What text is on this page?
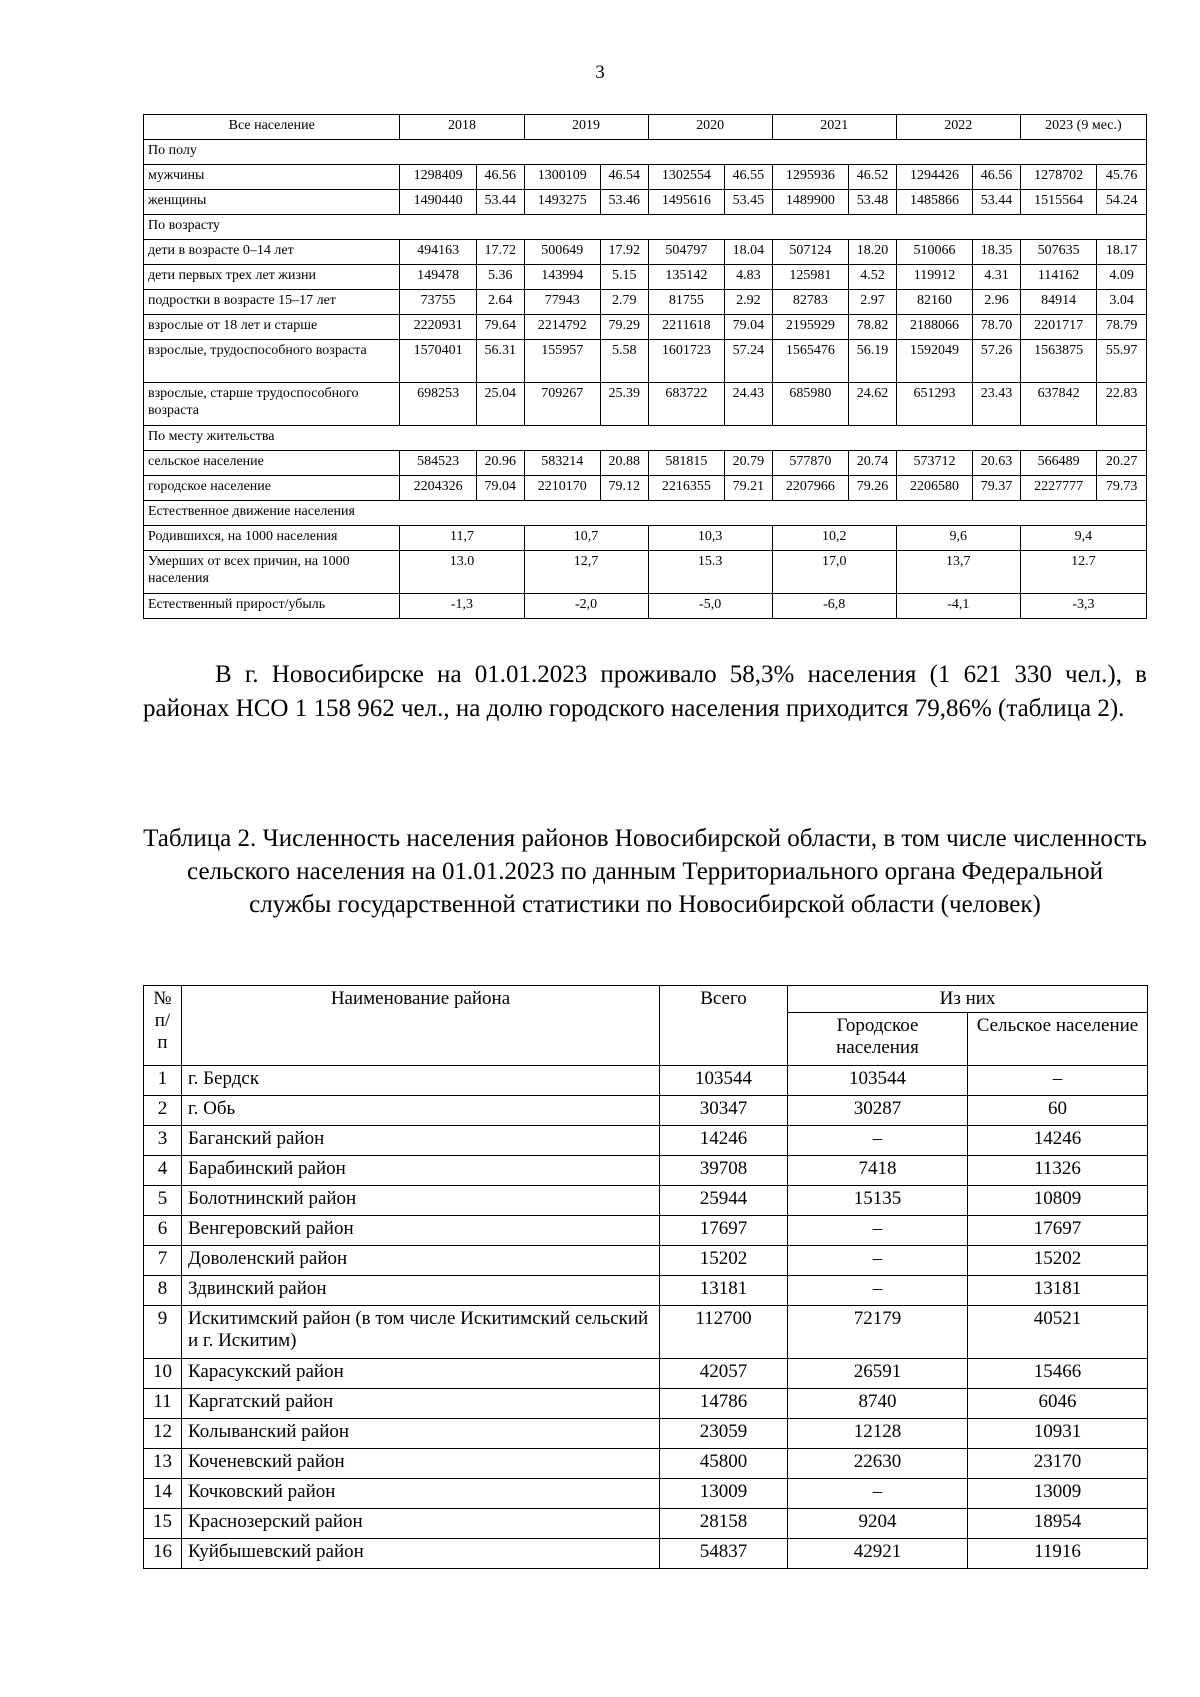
3
Все население	2018		2019		2020		2021		2022		2023 (9 мес.)	
По полу												
мужчины	1298409	46.56	1300109	46.54	1302554	46.55	1295936	46.52	1294426	46.56	1278702	45.76
женщины	1490440	53.44	1493275	53.46	1495616	53.45	1489900	53.48	1485866	53.44	1515564	54.24
По возрасту												
дети в возрасте 0–14 лет	494163	17.72	500649	17.92	504797	18.04	507124	18.20	510066	18.35	507635	18.17
дети первых трех лет жизни	149478	5.36	143994	5.15	135142	4.83	125981	4.52	119912	4.31	114162	4.09
подростки в возрасте 15–17 лет	73755	2.64	77943	2.79	81755	2.92	82783	2.97	82160	2.96	84914	3.04
взрослые от 18 лет и старше	2220931	79.64	2214792	79.29	2211618	79.04	2195929	78.82	2188066	78.70	2201717	78.79
взрослые, трудоспособного возраста	1570401	56.31	155957	5.58	1601723	57.24	1565476	56.19	1592049	57.26	1563875	55.97
взрослые, старше трудоспособного возраста	698253	25.04	709267	25.39	683722	24.43	685980	24.62	651293	23.43	637842	22.83
По месту жительства												
сельское население	584523	20.96	583214	20.88	581815	20.79	577870	20.74	573712	20.63	566489	20.27
городское население	2204326	79.04	2210170	79.12	2216355	79.21	2207966	79.26	2206580	79.37	2227777	79.73
Естественное движение населения												
Родившихся, на 1000 населения	11,7		10,7		10,3		10,2		9,6		9,4	
Умерших от всех причин, на 1000 населения	13.0		12,7		15.3		17,0		13,7		12.7	
Естественный прирост/убыль	-1,3		-2,0		-5,0		-6,8		-4,1		-3,3	

В г. Новосибирске на 01.01.2023 проживало 58,3% населения (1 621 330 чел.), в районах НСО 1 158 962 чел., на долю городского населения приходится 79,86% (таблица 2).

Таблица 2. Численность населения районов Новосибирской области, в том числе численность сельского населения на 01.01.2023 по данным Территориального органа Федеральной службы государственной статистики по Новосибирской области (человек)

№ п/п	Наименование района	Всего	Из них	
			Городское населения	Сельское население
1	г. Бердск	103544	103544	–
2	г. Обь	30347	30287	60
3	Баганский район	14246	–	14246
4	Барабинский район	39708	7418	11326
5	Болотнинский район	25944	15135	10809
6	Венгеровский район	17697	–	17697
7	Доволенский район	15202	–	15202
8	Здвинский район	13181	–	13181
9	Искитимский район (в том числе Искитимский сельский и г. Искитим)	112700	72179	40521
10	Карасукский район	42057	26591	15466
11	Каргатский район	14786	8740	6046
12	Колыванский район	23059	12128	10931
13	Коченевский район	45800	22630	23170
14	Кочковский район	13009	–	13009
15	Краснозерский район	28158	9204	18954
16	Куйбышевский район	54837	42921	11916
